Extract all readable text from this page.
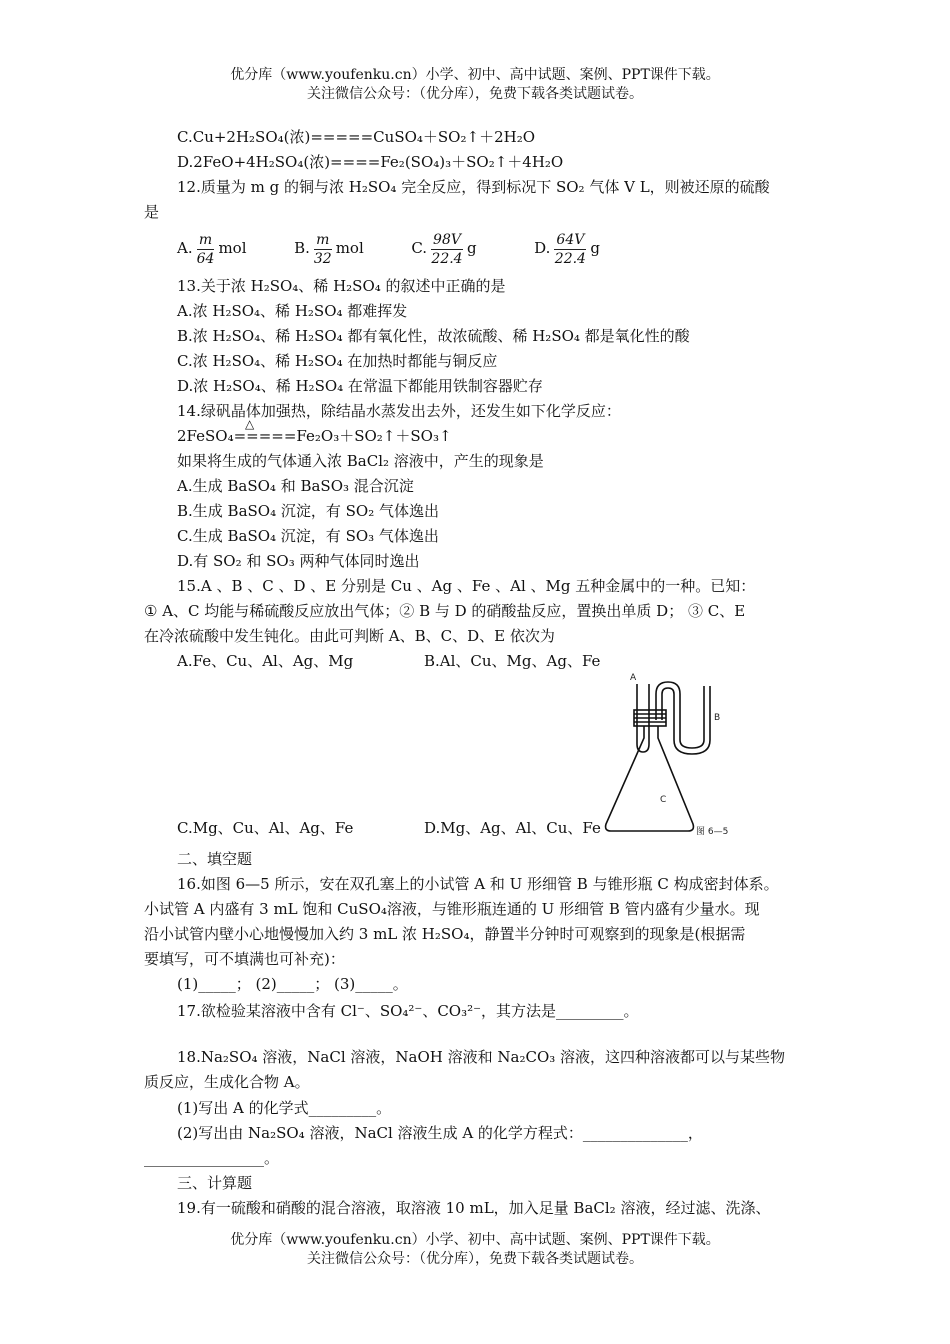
优分库（www.youfenku.cn）小学、初中、高中试题、案例、PPT课件下载。
关注微信公众号：（优分库），免费下载各类试题试卷。
C.Cu+2H₂SO₄(浓)=====CuSO₄＋SO₂↑＋2H₂O
D.2FeO+4H₂SO₄(浓)====Fe₂(SO₄)₃＋SO₂↑＋4H₂O
12.质量为 m g 的铜与浓 H₂SO₄ 完全反应，得到标况下 SO₂ 气体 V L，则被还原的硫酸
是
A. $\frac{m}{64}$ mol	B. $\frac{m}{32}$ mol	C. $\frac{98V}{22.4}$ g	D. $\frac{64V}{22.4}$ g
13.关于浓 H₂SO₄、稀 H₂SO₄ 的叙述中正确的是
A.浓 H₂SO₄、稀 H₂SO₄ 都难挥发
B.浓 H₂SO₄、稀 H₂SO₄ 都有氧化性，故浓硫酸、稀 H₂SO₄ 都是氧化性的酸
C.浓 H₂SO₄、稀 H₂SO₄ 在加热时都能与铜反应
D.浓 H₂SO₄、稀 H₂SO₄ 在常温下都能用铁制容器贮存
14.绿矾晶体加强热，除结晶水蒸发出去外，还发生如下化学反应：
△
2FeSO₄=====Fe₂O₃＋SO₂↑＋SO₃↑
如果将生成的气体通入浓 BaCl₂ 溶液中，产生的现象是
A.生成 BaSO₄ 和 BaSO₃ 混合沉淀
B.生成 BaSO₄ 沉淀，有 SO₂ 气体逸出
C.生成 BaSO₄ 沉淀，有 SO₃ 气体逸出
D.有 SO₂ 和 SO₃ 两种气体同时逸出
15.A 、B 、C 、D 、E 分别是 Cu 、Ag 、Fe 、Al 、Mg 五种金属中的一种。已知：
① A、C 均能与稀硫酸反应放出气体；② B 与 D 的硝酸盐反应，置换出单质 D； ③ C、E
在冷浓硫酸中发生钝化。由此可判断 A、B、C、D、E 依次为
A.Fe、Cu、Al、Ag、Mg	B.Al、Cu、Mg、Ag、Fe
A
B
C
图 6—5
C.Mg、Cu、Al、Ag、Fe	D.Mg、Ag、Al、Cu、Fe
二、填空题
16.如图 6—5 所示，安在双孔塞上的小试管 A 和 U 形细管 B 与锥形瓶 C 构成密封体系。
小试管 A 内盛有 3 mL 饱和 CuSO₄溶液，与锥形瓶连通的 U 形细管 B 管内盛有少量水。现
沿小试管内壁小心地慢慢加入约 3 mL 浓 H₂SO₄，静置半分钟时可观察到的现象是(根据需
要填写，可不填满也可补充)：
(1)_____； (2)_____； (3)_____。
17.欲检验某溶液中含有 Cl⁻、SO₄²⁻、CO₃²⁻，其方法是_________。
18.Na₂SO₄ 溶液，NaCl 溶液，NaOH 溶液和 Na₂CO₃ 溶液，这四种溶液都可以与某些物
质反应，生成化合物 A。
(1)写出 A 的化学式_________。
(2)写出由 Na₂SO₄ 溶液，NaCl 溶液生成 A 的化学方程式：______________，
________________。
三、计算题
19.有一硫酸和硝酸的混合溶液，取溶液 10 mL，加入足量 BaCl₂ 溶液，经过滤、洗涤、
优分库（www.youfenku.cn）小学、初中、高中试题、案例、PPT课件下载。
关注微信公众号：（优分库），免费下载各类试题试卷。
